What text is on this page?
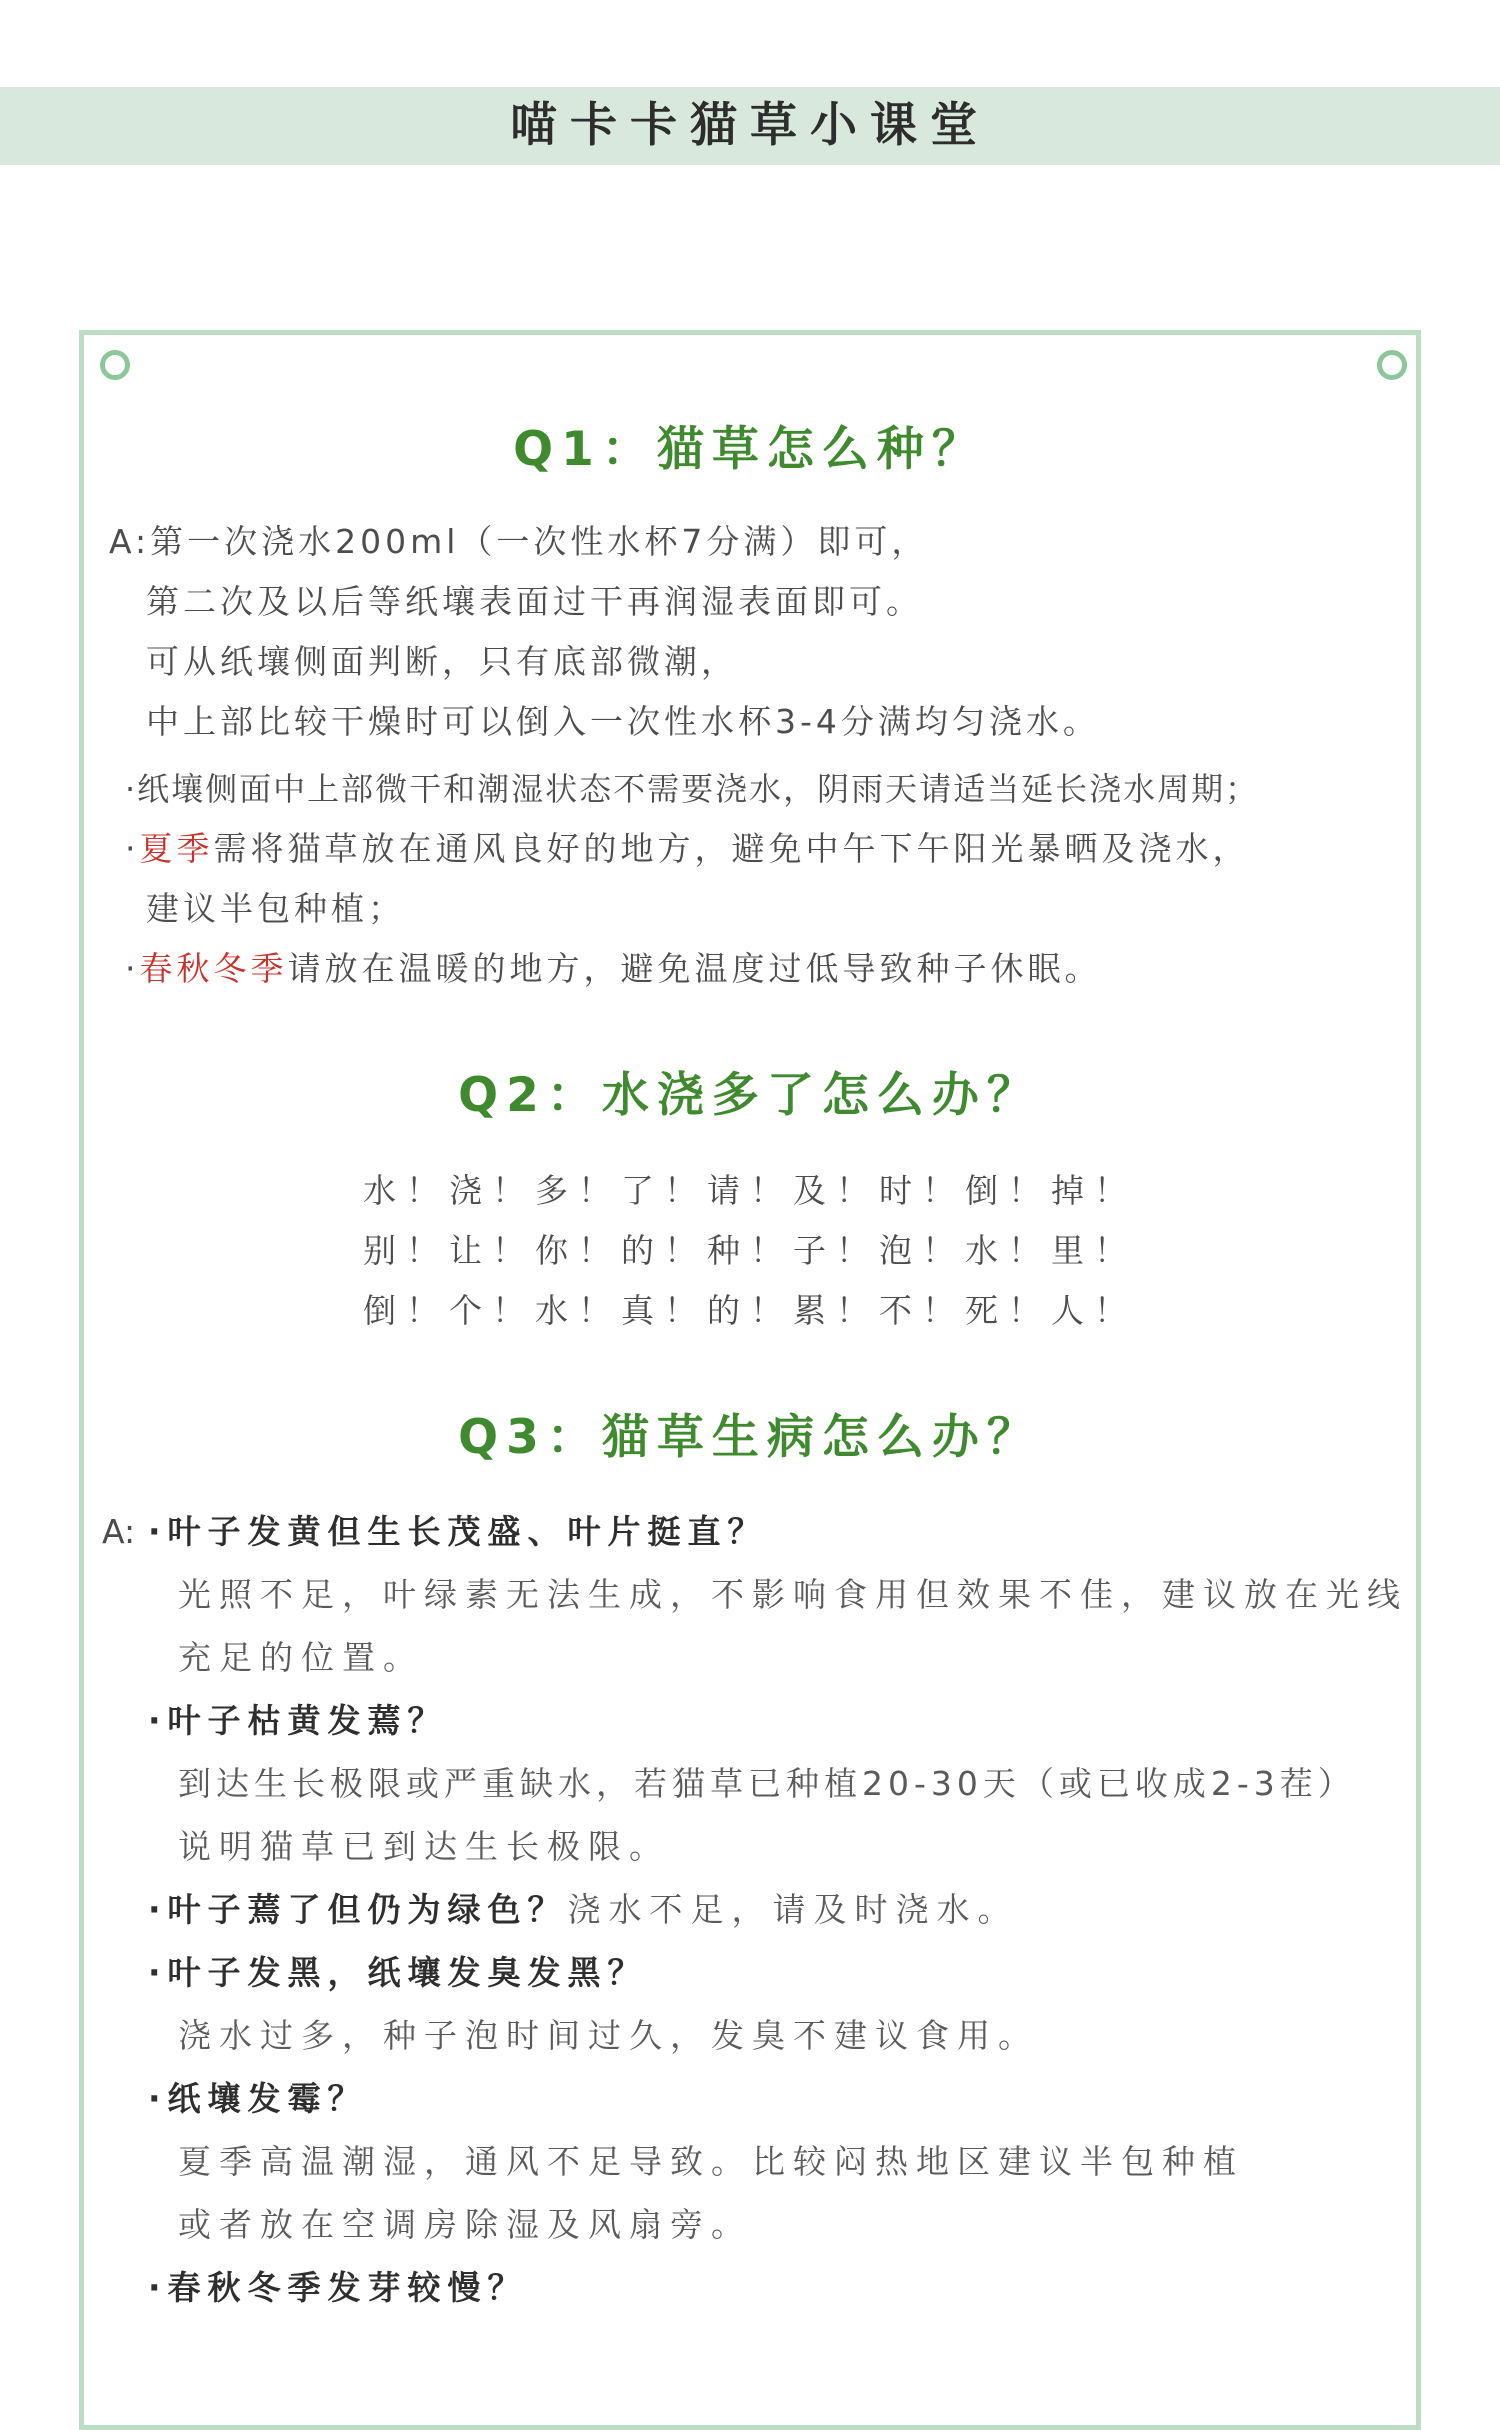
喵卡卡猫草小课堂
Q1：猫草怎么种？
A:第一次浇水200ml（一次性水杯7分满）即可，
第二次及以后等纸壤表面过干再润湿表面即可。
可从纸壤侧面判断，只有底部微潮，
中上部比较干燥时可以倒入一次性水杯3-4分满均匀浇水。
·纸壤侧面中上部微干和潮湿状态不需要浇水，阴雨天请适当延长浇水周期；
·夏季需将猫草放在通风良好的地方，避免中午下午阳光暴晒及浇水，
建议半包种植；
·春秋冬季请放在温暖的地方，避免温度过低导致种子休眠。
Q2：水浇多了怎么办？
水！浇！多！了！请！及！时！倒！掉！
别！让！你！的！种！子！泡！水！里！
倒！个！水！真！的！累！不！死！人！
Q3：猫草生病怎么办？
A: ·叶子发黄但生长茂盛、叶片挺直？
光照不足，叶绿素无法生成，不影响食用但效果不佳，建议放在光线
充足的位置。
·叶子枯黄发蔫？
到达生长极限或严重缺水，若猫草已种植20-30天（或已收成2-3茬）
说明猫草已到达生长极限。
·叶子蔫了但仍为绿色？浇水不足，请及时浇水。
·叶子发黑，纸壤发臭发黑？
浇水过多，种子泡时间过久，发臭不建议食用。
·纸壤发霉？
夏季高温潮湿，通风不足导致。比较闷热地区建议半包种植
或者放在空调房除湿及风扇旁。
·春秋冬季发芽较慢？
